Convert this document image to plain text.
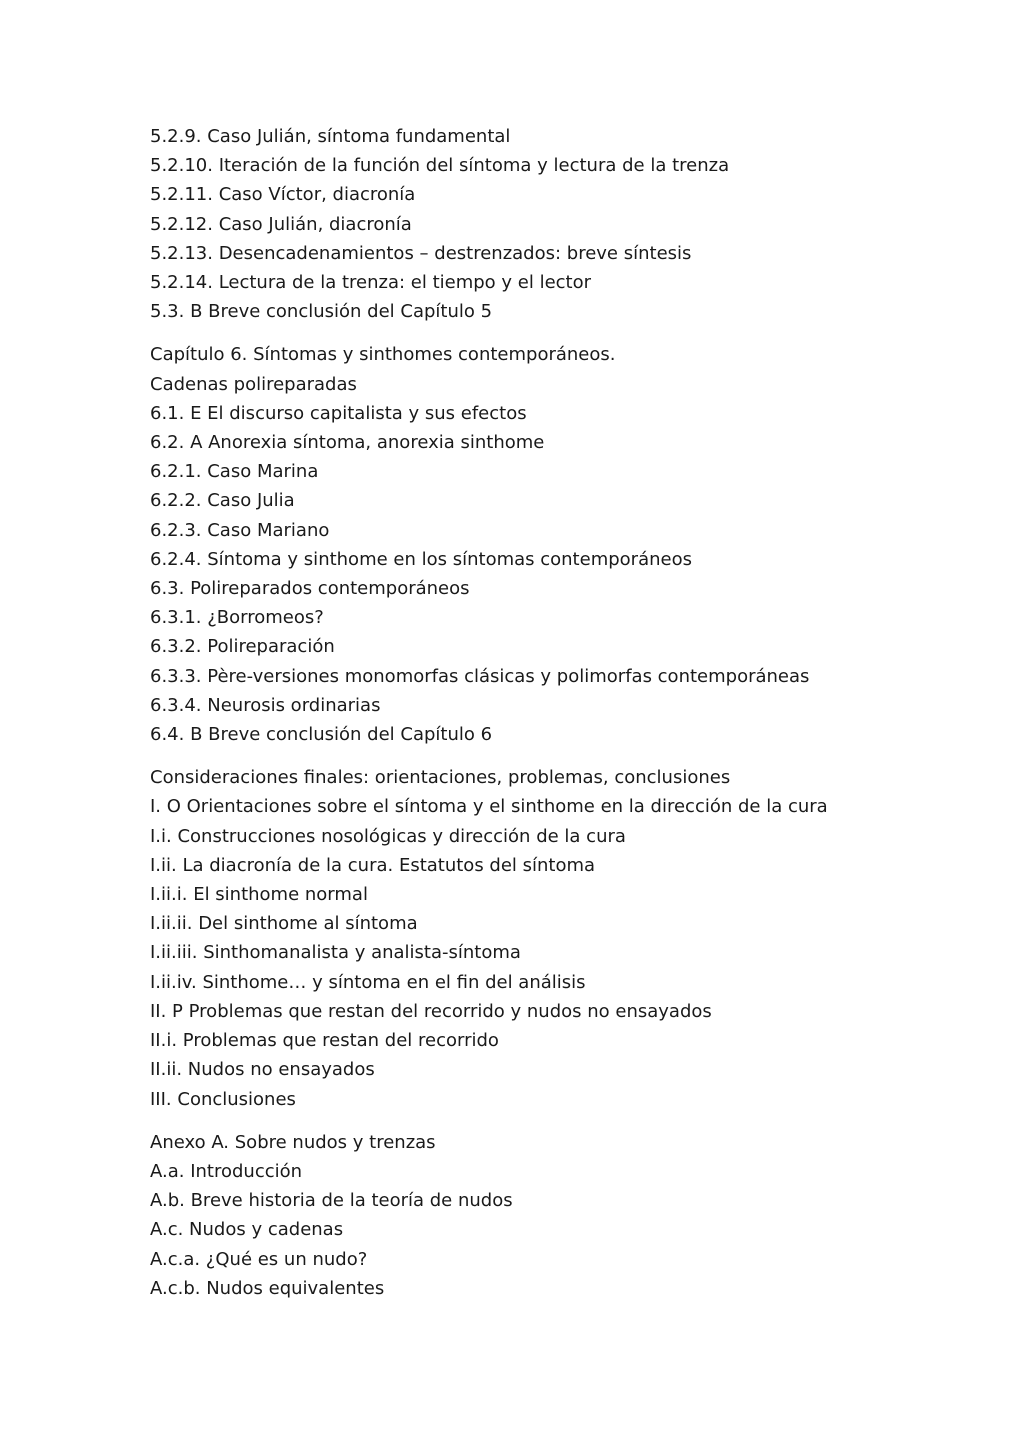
5.2.9. Caso Julián, síntoma fundamental
5.2.10. Iteración de la función del síntoma y lectura de la trenza
5.2.11. Caso Víctor, diacronía
5.2.12. Caso Julián, diacronía
5.2.13. Desencadenamientos – destrenzados: breve síntesis
5.2.14. Lectura de la trenza: el tiempo y el lector
5.3. B Breve conclusión del Capítulo 5
Capítulo 6. Síntomas y sinthomes contemporáneos.
Cadenas polireparadas
6.1. E El discurso capitalista y sus efectos
6.2. A Anorexia síntoma, anorexia sinthome
6.2.1. Caso Marina
6.2.2. Caso Julia
6.2.3. Caso Mariano
6.2.4. Síntoma y sinthome en los síntomas contemporáneos
6.3. Polireparados contemporáneos
6.3.1. ¿Borromeos?
6.3.2. Polireparación
6.3.3. Père-versiones monomorfas clásicas y polimorfas contemporáneas
6.3.4. Neurosis ordinarias
6.4. B Breve conclusión del Capítulo 6
Consideraciones finales: orientaciones, problemas, conclusiones
I. O Orientaciones sobre el síntoma y el sinthome en la dirección de la cura
I.i. Construcciones nosológicas y dirección de la cura
I.ii. La diacronía de la cura. Estatutos del síntoma
I.ii.i. El sinthome normal
I.ii.ii. Del sinthome al síntoma
I.ii.iii. Sinthomanalista y analista-síntoma
I.ii.iv. Sinthome… y síntoma en el fin del análisis
II. P Problemas que restan del recorrido y nudos no ensayados
II.i. Problemas que restan del recorrido
II.ii. Nudos no ensayados
III. Conclusiones
Anexo A. Sobre nudos y trenzas
A.a. Introducción
A.b. Breve historia de la teoría de nudos
A.c. Nudos y cadenas
A.c.a. ¿Qué es un nudo?
A.c.b. Nudos equivalentes
